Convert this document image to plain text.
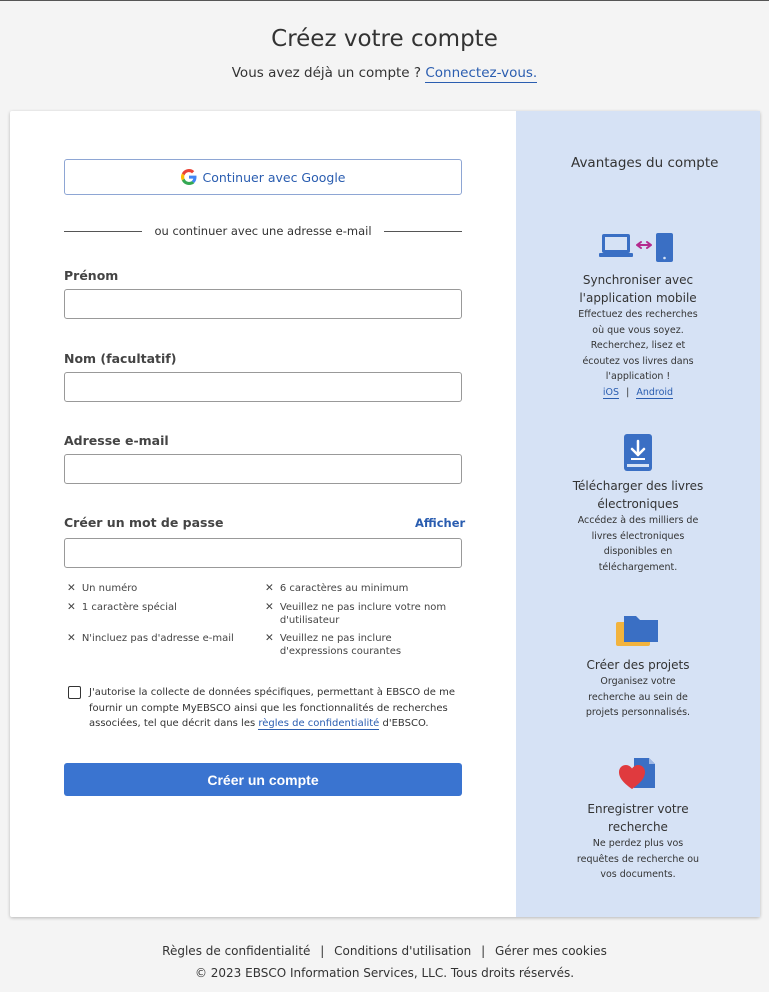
Créez votre compte
Vous avez déjà un compte ? Connectez-vous.
Continuer avec Google
ou continuer avec une adresse e-mail
Prénom
Nom (facultatif)
Adresse e-mail
Créer un mot de passe	Afficher
✕ Un numéro	✕ 6 caractères au minimum
✕ 1 caractère spécial	✕ Veuillez ne pas inclure votre nom d'utilisateur
✕ N'incluez pas d'adresse e-mail	✕ Veuillez ne pas inclure d'expressions courantes
J'autorise la collecte de données spécifiques, permettant à EBSCO de me fournir un compte MyEBSCO ainsi que les fonctionnalités de recherches associées, tel que décrit dans les règles de confidentialité d'EBSCO.
Créer un compte
Avantages du compte
Synchroniser avec l'application mobile
Effectuez des recherches où que vous soyez. Recherchez, lisez et écoutez vos livres dans l'application !
iOS | Android
Télécharger des livres électroniques
Accédez à des milliers de livres électroniques disponibles en téléchargement.
Créer des projets
Organisez votre recherche au sein de projets personnalisés.
Enregistrer votre recherche
Ne perdez plus vos requêtes de recherche ou vos documents.
Règles de confidentialité | Conditions d'utilisation | Gérer mes cookies
© 2023 EBSCO Information Services, LLC. Tous droits réservés.
